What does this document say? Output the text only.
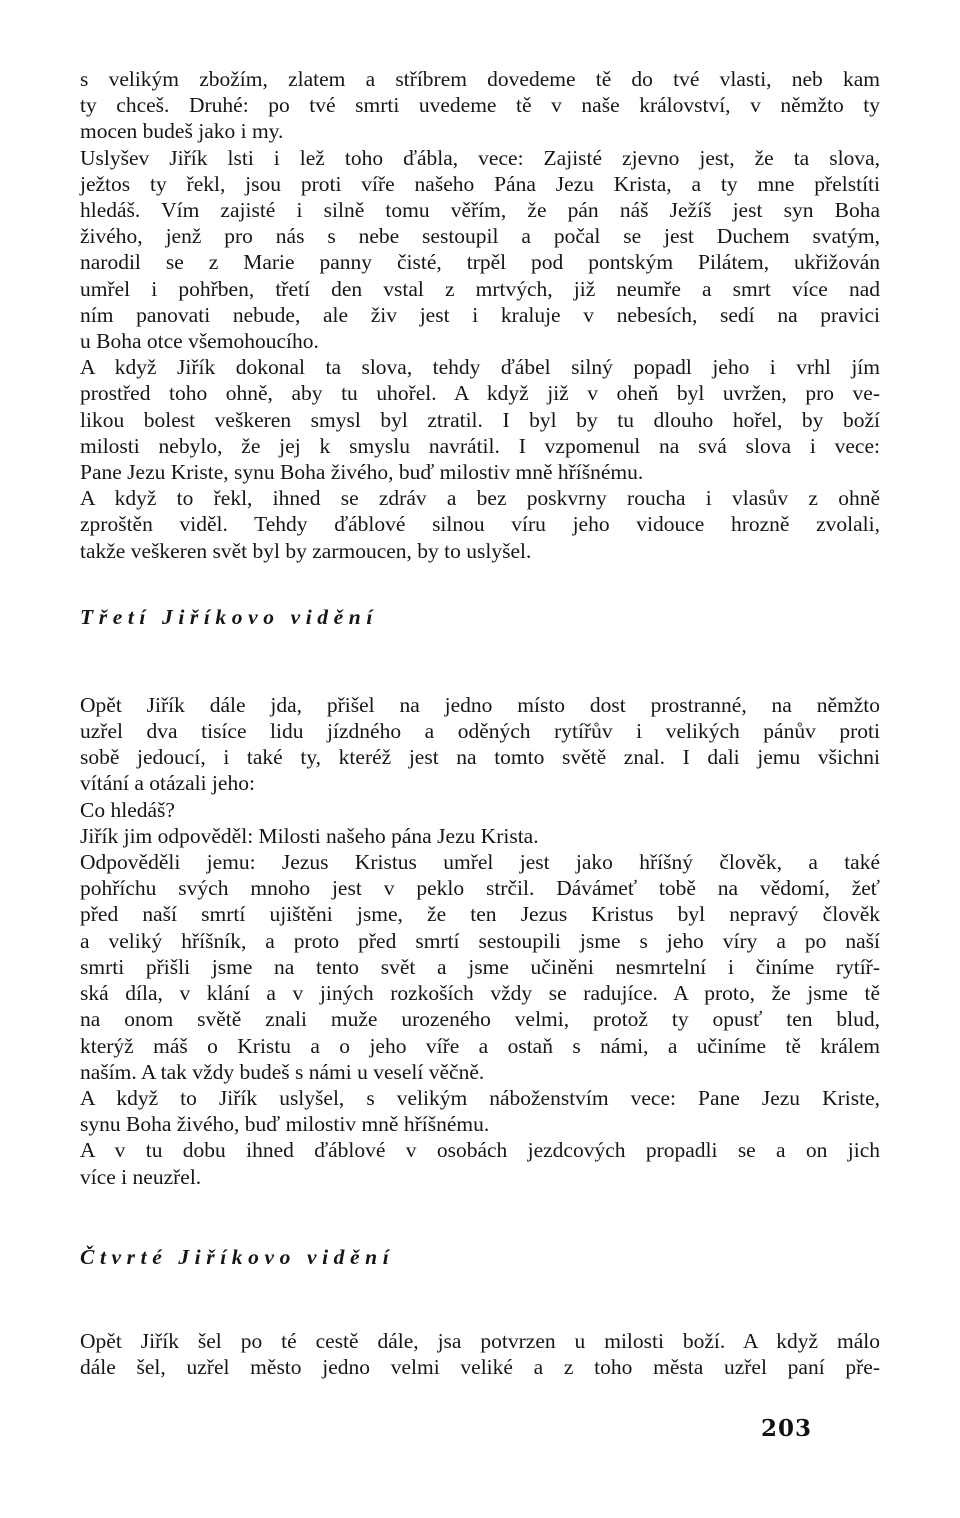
s velikým zbožím, zlatem a stříbrem dovedeme tě do tvé vlasti, neb kam
ty chceš. Druhé: po tvé smrti uvedeme tě v naše království, v němžto ty
mocen budeš jako i my.
Uslyšev Jiřík lsti i lež toho ďábla, vece: Zajisté zjevno jest, že ta slova,
ježtos ty řekl, jsou proti víře našeho Pána Jezu Krista, a ty mne přelstíti
hledáš. Vím zajisté i silně tomu věřím, že pán náš Ježíš jest syn Boha
živého, jenž pro nás s nebe sestoupil a počal se jest Duchem svatým,
narodil se z Marie panny čisté, trpěl pod pontským Pilátem, ukřižován
umřel i pohřben, třetí den vstal z mrtvých, již neumře a smrt více nad
ním panovati nebude, ale živ jest i kraluje v nebesích, sedí na pravici
u Boha otce všemohoucího.
A když Jiřík dokonal ta slova, tehdy ďábel silný popadl jeho i vrhl jím
prostřed toho ohně, aby tu uhořel. A když již v oheň byl uvržen, pro ve-
likou bolest veškeren smysl byl ztratil. I byl by tu dlouho hořel, by boží
milosti nebylo, že jej k smyslu navrátil. I vzpomenul na svá slova i vece:
Pane Jezu Kriste, synu Boha živého, buď milostiv mně hříšnému.
A když to řekl, ihned se zdráv a bez poskvrny roucha i vlasův z ohně
zproštěn viděl. Tehdy ďáblové silnou víru jeho vidouce hrozně zvolali,
takže veškeren svět byl by zarmoucen, by to uslyšel.
Třetí Jiříkovo vidění
Opět Jiřík dále jda, přišel na jedno místo dost prostranné, na němžto
uzřel dva tisíce lidu jízdného a oděných rytířův i velikých pánův proti
sobě jedoucí, i také ty, kteréž jest na tomto světě znal. I dali jemu všichni
vítání a otázali jeho:
Co hledáš?
Jiřík jim odpověděl: Milosti našeho pána Jezu Krista.
Odpověděli jemu: Jezus Kristus umřel jest jako hříšný člověk, a také
pohříchu svých mnoho jest v peklo strčil. Dávámeť tobě na vědomí, žeť
před naší smrtí ujištěni jsme, že ten Jezus Kristus byl nepravý člověk
a veliký hříšník, a proto před smrtí sestoupili jsme s jeho víry a po naší
smrti přišli jsme na tento svět a jsme učiněni nesmrtelní i činíme rytíř-
ská díla, v klání a v jiných rozkoších vždy se radujíce. A proto, že jsme tě
na onom světě znali muže urozeného velmi, protož ty opusť ten blud,
kterýž máš o Kristu a o jeho víře a ostaň s námi, a učiníme tě králem
naším. A tak vždy budeš s námi u veselí věčně.
A když to Jiřík uslyšel, s velikým náboženstvím vece: Pane Jezu Kriste,
synu Boha živého, buď milostiv mně hříšnému.
A v tu dobu ihned ďáblové v osobách jezdcových propadli se a on jich
více i neuzřel.
Čtvrté Jiříkovo vidění
Opět Jiřík šel po té cestě dále, jsa potvrzen u milosti boží. A když málo
dále šel, uzřel město jedno velmi veliké a z toho města uzřel paní pře-
203
